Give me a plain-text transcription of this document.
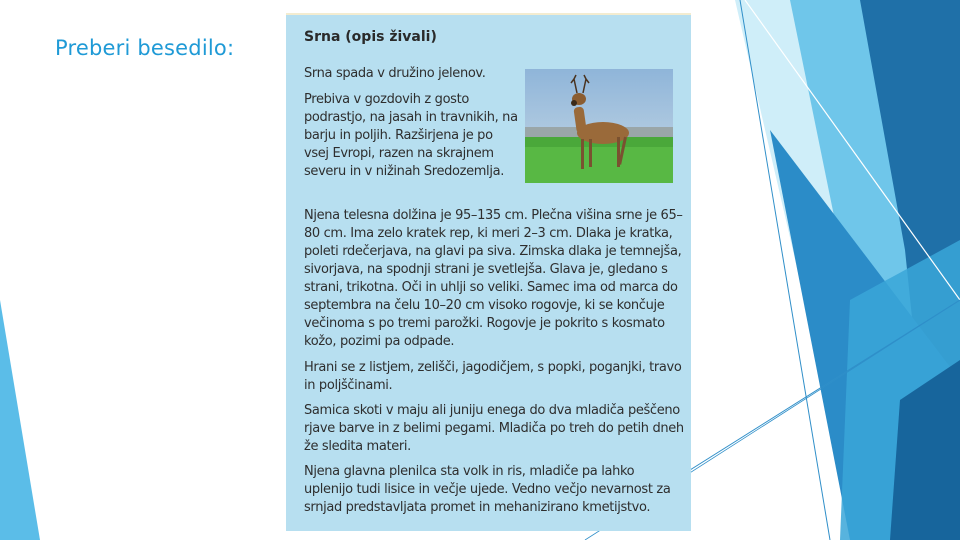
Preberi besedilo:	Srna (opis živali)

Srna spada v družino jelenov.

Prebiva v gozdovih z gosto podrastjo, na jasah in travnikih, na barju in poljih. Razširjena je po vsej Evropi, razen na skrajnem severu in v nižinah Sredozemlja.

Njena telesna dolžina je 95–135 cm. Plečna višina srne je 65–80 cm. Ima zelo kratek rep, ki meri 2–3 cm. Dlaka je kratka, poleti rdečerjava, na glavi pa siva. Zimska dlaka je temnejša, sivorjava, na spodnji strani je svetlejša. Glava je, gledano s strani, trikotna. Oči in uhlji so veliki. Samec ima od marca do septembra na čelu 10–20 cm visoko rogovje, ki se končuje večinoma s po tremi parožki. Rogovje je pokrito s kosmato kožo, pozimi pa odpade.

Hrani se z listjem, zelišči, jagodičjem, s popki, poganjki, travo in poljščinami.

Samica skoti v maju ali juniju enega do dva mladiča peščeno rjave barve in z belimi pegami. Mladiča po treh do petih dneh že sledita materi.

Njena glavna plenilca sta volk in ris, mladiče pa lahko uplenijo tudi lisice in večje ujede. Vedno večjo nevarnost za srnjad predstavljata promet in mehanizirano kmetijstvo.
